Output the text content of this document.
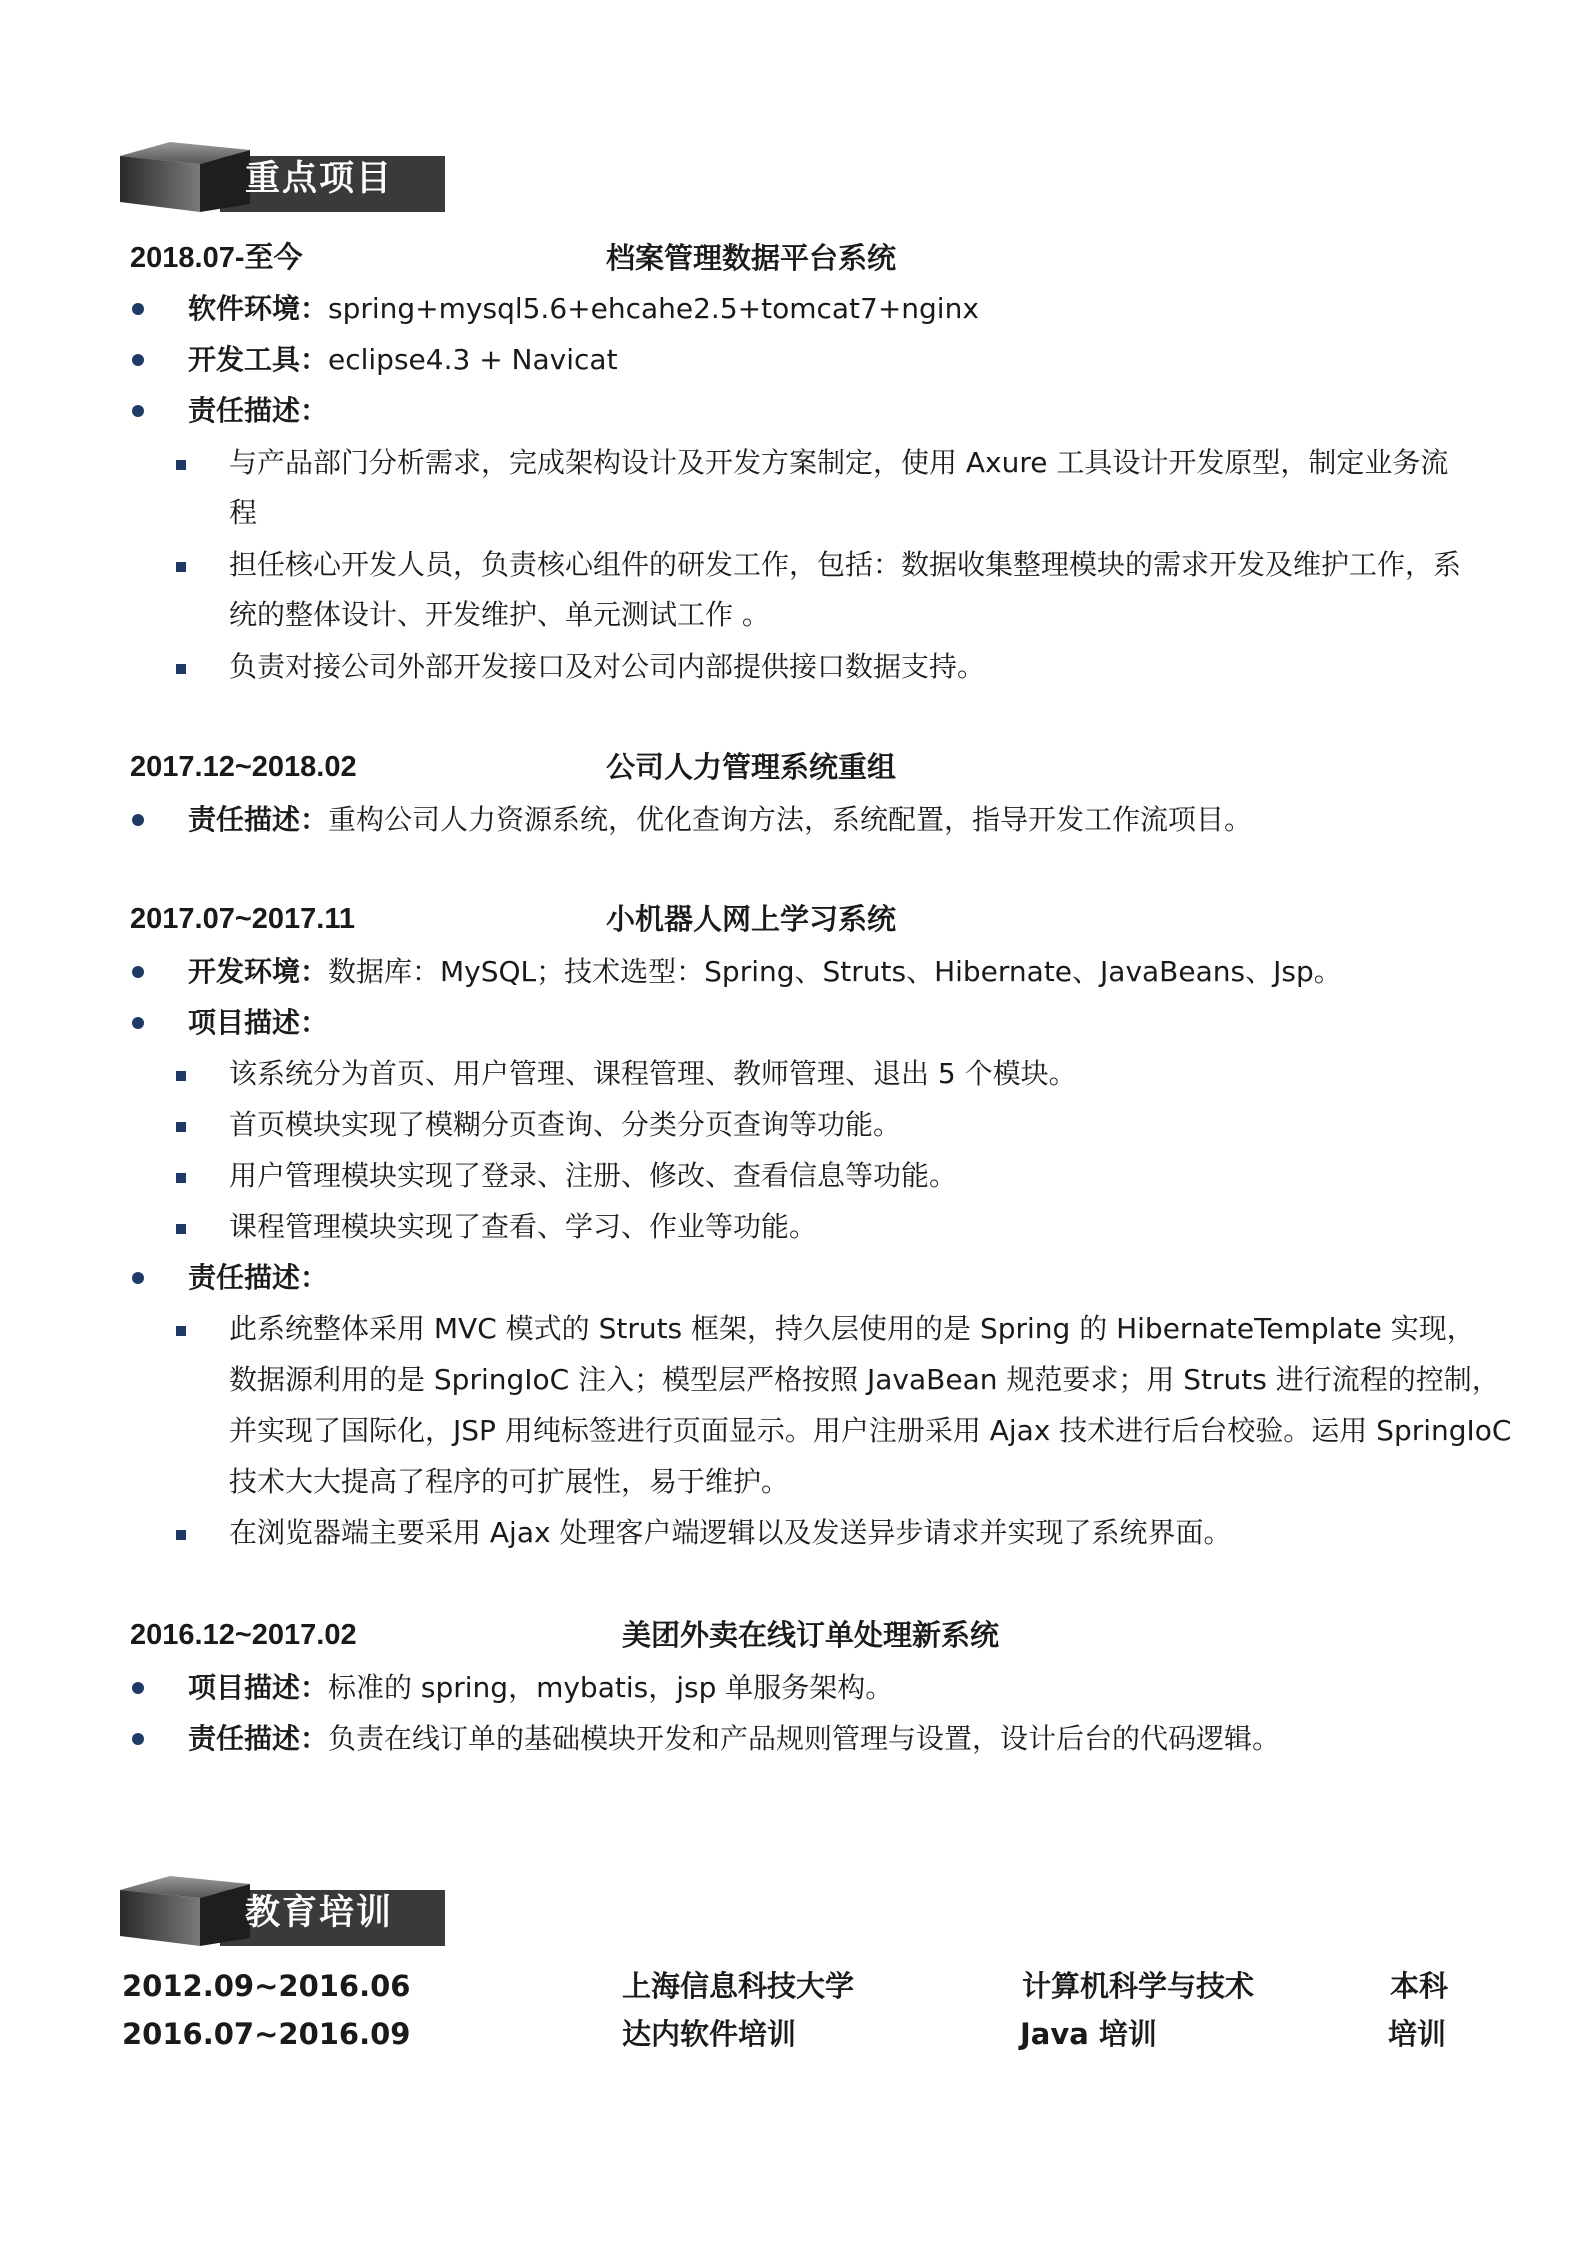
重点项目
2018.07-至今	档案管理数据平台系统
软件环境： spring+mysql5.6+ehcahe2.5+tomcat7+nginx
开发工具： eclipse4.3 + Navicat
责任描述：
与产品部门分析需求，完成架构设计及开发方案制定，使用 Axure 工具设计开发原型，制定业务流
程
担任核心开发人员，负责核心组件的研发工作，包括：数据收集整理模块的需求开发及维护工作，系
统的整体设计、开发维护、单元测试工作 。
负责对接公司外部开发接口及对公司内部提供接口数据支持。
2017.12~2018.02	公司人力管理系统重组
责任描述： 重构公司人力资源系统，优化查询方法，系统配置，指导开发工作流项目。
2017.07~2017.11	小机器人网上学习系统
开发环境： 数据库：MySQL；技术选型：Spring、Struts、Hibernate、JavaBeans、Jsp。
项目描述：
该系统分为首页、用户管理、课程管理、教师管理、退出 5 个模块。
首页模块实现了模糊分页查询、分类分页查询等功能。
用户管理模块实现了登录、注册、修改、查看信息等功能。
课程管理模块实现了查看、学习、作业等功能。
责任描述：
此系统整体采用 MVC 模式的 Struts 框架，持久层使用的是 Spring 的 HibernateTemplate 实现，
数据源利用的是 SpringIoC 注入；模型层严格按照 JavaBean 规范要求；用 Struts 进行流程的控制，
并实现了国际化，JSP 用纯标签进行页面显示。用户注册采用 Ajax 技术进行后台校验。运用 SpringIoC
技术大大提高了程序的可扩展性，易于维护。
在浏览器端主要采用 Ajax 处理客户端逻辑以及发送异步请求并实现了系统界面。
2016.12~2017.02	美团外卖在线订单处理新系统
项目描述： 标准的 spring，mybatis，jsp 单服务架构。
责任描述： 负责在线订单的基础模块开发和产品规则管理与设置，设计后台的代码逻辑。
教育培训
2012.09~2016.06	上海信息科技大学	计算机科学与技术	本科
2016.07~2016.09	达内软件培训	Java 培训	培训
